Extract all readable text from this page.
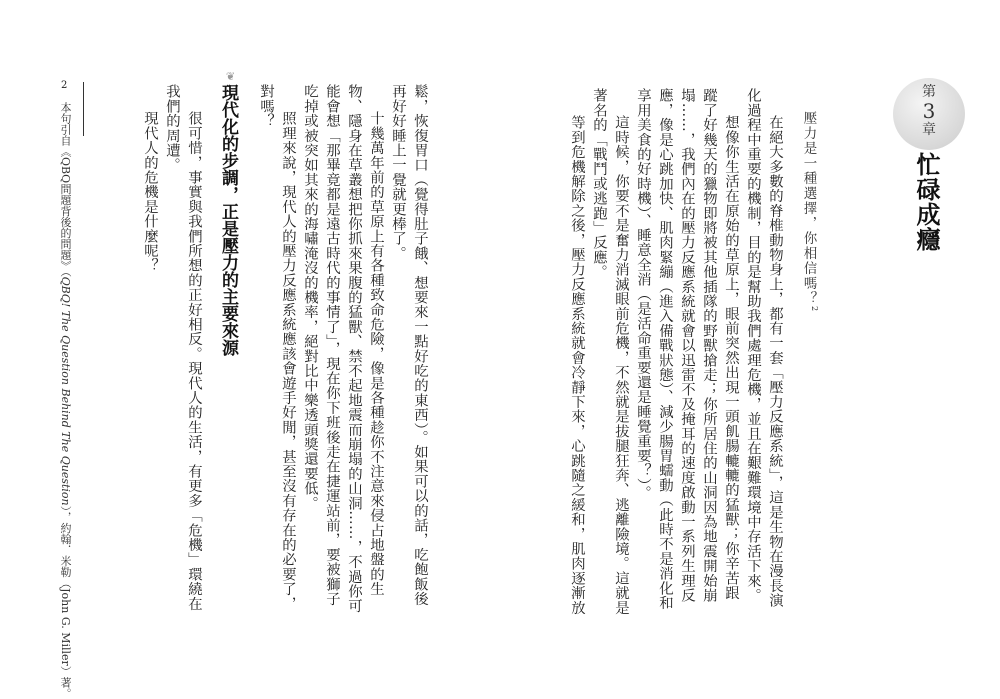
第
3
章
忙碌成癮
壓力是一種選擇，你相信嗎？$^2$
在絕大多數的脊椎動物身上，都有一套「壓力反應系統」，這是生物在漫長演
化過程中重要的機制，目的是幫助我們處理危機，並且在艱難環境中存活下來。
想像你生活在原始的草原上，眼前突然出現一頭飢腸轆轆的猛獸；你辛苦跟
蹤了好幾天的獵物即將被其他插隊的野獸搶走；你所居住的山洞因為地震開始崩
塌……，我們內在的壓力反應系統就會以迅雷不及掩耳的速度啟動一系列生理反
應，像是心跳加快、肌肉緊繃（進入備戰狀態）、減少腸胃蠕動（此時不是消化和
享用美食的好時機）、睡意全消（是活命重要還是睡覺重要？）。
這時候，你要不是奮力消滅眼前危機，不然就是拔腿狂奔、逃離險境。這就是
著名的「戰鬥或逃跑」反應。
等到危機解除之後，壓力反應系統就會冷靜下來，心跳隨之緩和，肌肉逐漸放
鬆，恢復胃口（覺得肚子餓、想要來一點好吃的東西）。如果可以的話，吃飽飯後
再好好睡上一覺就更棒了。
十幾萬年前的草原上有各種致命危險，像是各種趁你不注意來侵占地盤的生
物、隱身在草叢想把你抓來果腹的猛獸、禁不起地震而崩塌的山洞……，不過你可
能會想「那畢竟都是遠古時代的事情了」，現在你下班後走在捷運站前，要被獅子
吃掉或被突如其來的海嘯淹沒的機率，絕對比中樂透頭獎還要低。
照理來說，現代人的壓力反應系統應該會遊手好閒，甚至沒有存在的必要了，
對嗎？
❦
現代化的步調，正是壓力的主要來源
很可惜，事實與我們所想的正好相反。現代人的生活，有更多「危機」環繞在
我們的周遭。
現代人的危機是什麼呢？
2
本句引自《QBQ問題背後的問題》（QBQ! The Question Behind The Question），約翰．米勒（John G. Miller）著。
